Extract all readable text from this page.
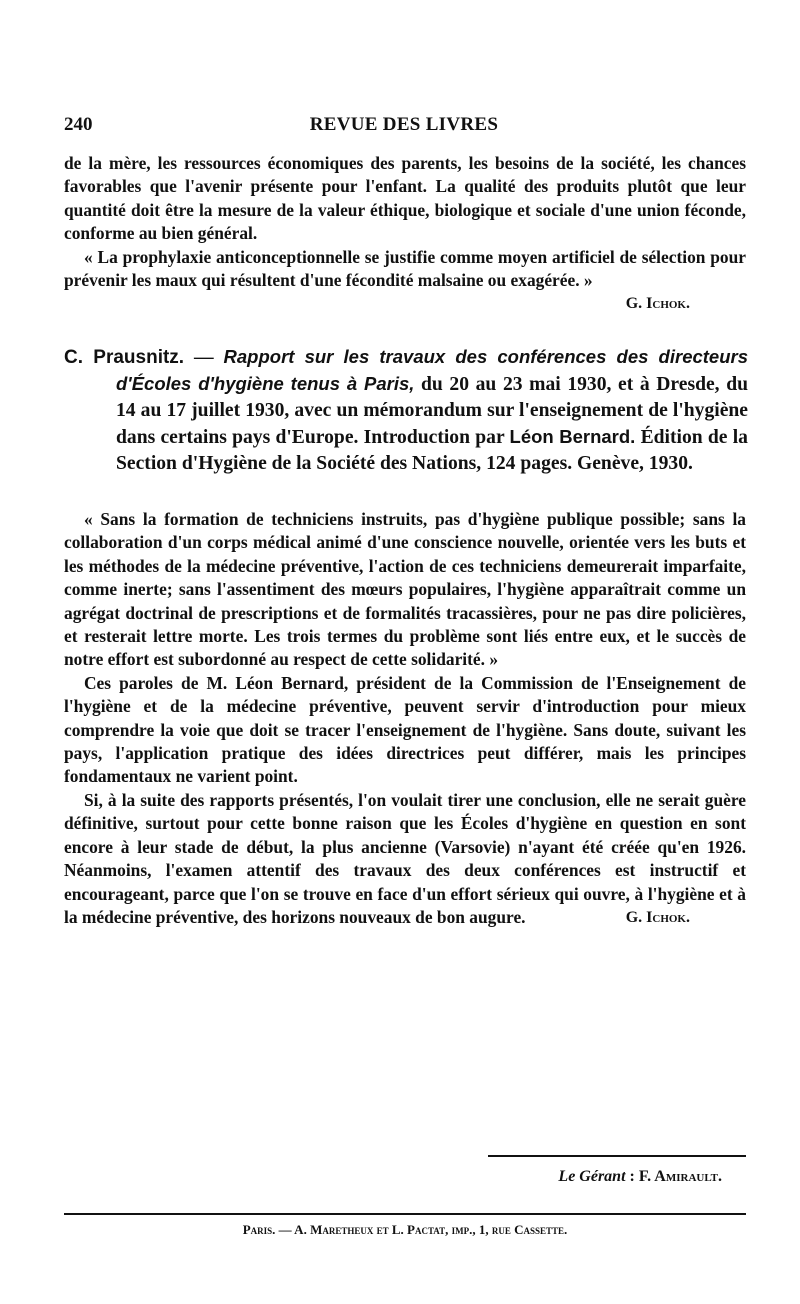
240	REVUE DES LIVRES

de la mère, les ressources économiques des parents, les besoins de la société, les chances favorables que l'avenir présente pour l'enfant. La qualité des produits plutôt que leur quantité doit être la mesure de la valeur éthique, biologique et sociale d'une union féconde, conforme au bien général.

« La prophylaxie anticonceptionnelle se justifie comme moyen artificiel de sélection pour prévenir les maux qui résultent d'une fécondité malsaine ou exagérée. »

G. Ichok.

C. Prausnitz. — Rapport sur les travaux des conférences des directeurs d'Écoles d'hygiène tenus à Paris, du 20 au 23 mai 1930, et à Dresde, du 14 au 17 juillet 1930, avec un mémorandum sur l'enseignement de l'hygiène dans certains pays d'Europe. Introduction par Léon Bernard. Édition de la Section d'Hygiène de la Société des Nations, 124 pages. Genève, 1930.

« Sans la formation de techniciens instruits, pas d'hygiène publique possible; sans la collaboration d'un corps médical animé d'une conscience nouvelle, orientée vers les buts et les méthodes de la médecine préventive, l'action de ces techniciens demeurerait imparfaite, comme inerte; sans l'assentiment des mœurs populaires, l'hygiène apparaîtrait comme un agrégat doctrinal de prescriptions et de formalités tracassières, pour ne pas dire policières, et resterait lettre morte. Les trois termes du problème sont liés entre eux, et le succès de notre effort est subordonné au respect de cette solidarité. »

Ces paroles de M. Léon Bernard, président de la Commission de l'Enseignement de l'hygiène et de la médecine préventive, peuvent servir d'introduction pour mieux comprendre la voie que doit se tracer l'enseignement de l'hygiène. Sans doute, suivant les pays, l'application pratique des idées directrices peut différer, mais les principes fondamentaux ne varient point.

Si, à la suite des rapports présentés, l'on voulait tirer une conclusion, elle ne serait guère définitive, surtout pour cette bonne raison que les Écoles d'hygiène en question en sont encore à leur stade de début, la plus ancienne (Varsovie) n'ayant été créée qu'en 1926. Néanmoins, l'examen attentif des travaux des deux conférences est instructif et encourageant, parce que l'on se trouve en face d'un effort sérieux qui ouvre, à l'hygiène et à la médecine préventive, des horizons nouveaux de bon augure.	G. Ichok.

Le Gérant : F. Amirault.
Paris. — A. Maretheux et L. Pactat, imp., 1, rue Cassette.
